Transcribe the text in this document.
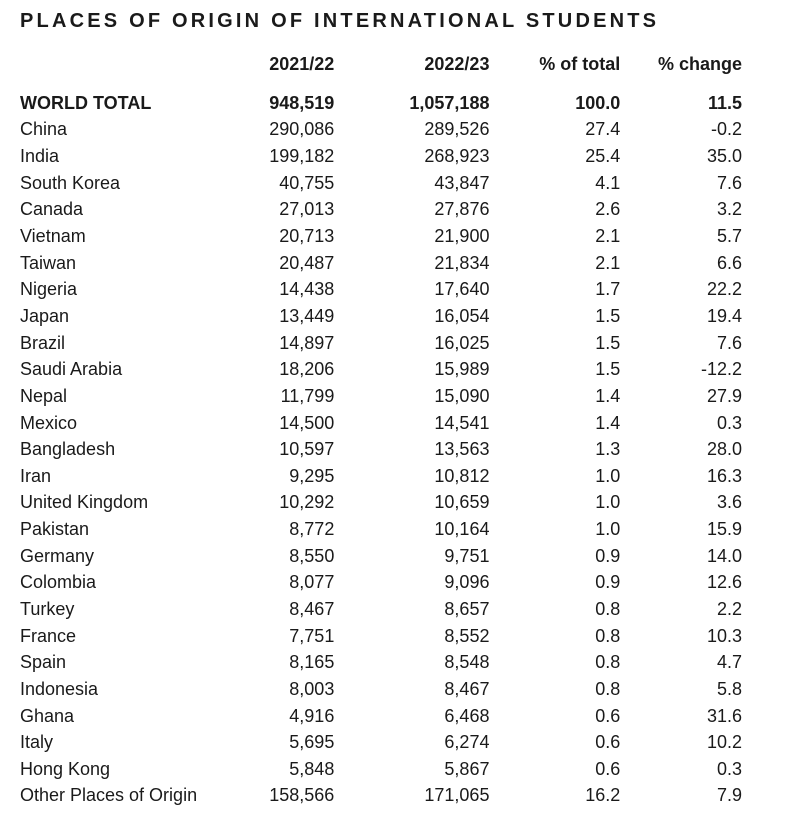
PLACES OF ORIGIN OF INTERNATIONAL STUDENTS
	2021/22	2022/23	% of total	% change

WORLD TOTAL	948,519	1,057,188	100.0	11.5
China	290,086	289,526	27.4	-0.2
India	199,182	268,923	25.4	35.0
South Korea	40,755	43,847	4.1	7.6
Canada	27,013	27,876	2.6	3.2
Vietnam	20,713	21,900	2.1	5.7
Taiwan	20,487	21,834	2.1	6.6
Nigeria	14,438	17,640	1.7	22.2
Japan	13,449	16,054	1.5	19.4
Brazil	14,897	16,025	1.5	7.6
Saudi Arabia	18,206	15,989	1.5	-12.2
Nepal	11,799	15,090	1.4	27.9
Mexico	14,500	14,541	1.4	0.3
Bangladesh	10,597	13,563	1.3	28.0
Iran	9,295	10,812	1.0	16.3
United Kingdom	10,292	10,659	1.0	3.6
Pakistan	8,772	10,164	1.0	15.9
Germany	8,550	9,751	0.9	14.0
Colombia	8,077	9,096	0.9	12.6
Turkey	8,467	8,657	0.8	2.2
France	7,751	8,552	0.8	10.3
Spain	8,165	8,548	0.8	4.7
Indonesia	8,003	8,467	0.8	5.8
Ghana	4,916	6,468	0.6	31.6
Italy	5,695	6,274	0.6	10.2
Hong Kong	5,848	5,867	0.6	0.3
Other Places of Origin	158,566	171,065	16.2	7.9
